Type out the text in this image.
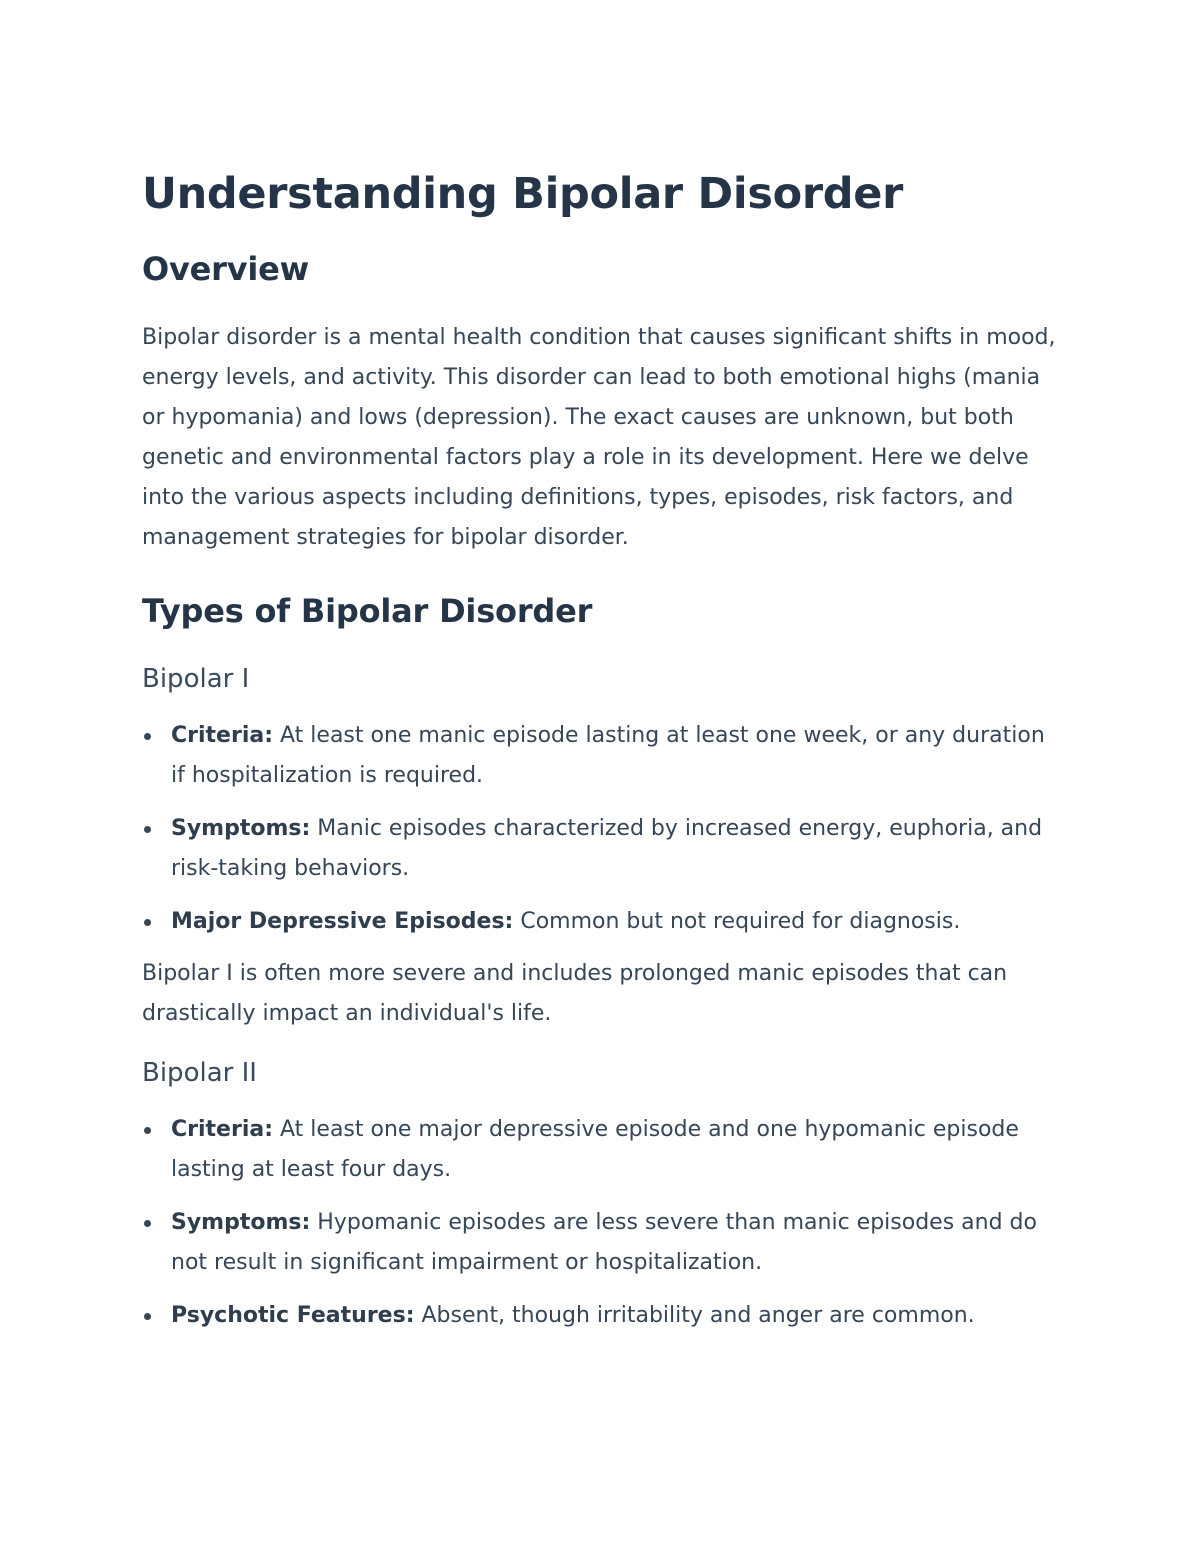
Understanding Bipolar Disorder
Overview

Bipolar disorder is a mental health condition that causes significant shifts in mood, energy levels, and activity. This disorder can lead to both emotional highs (mania or hypomania) and lows (depression). The exact causes are unknown, but both genetic and environmental factors play a role in its development. Here we delve into the various aspects including definitions, types, episodes, risk factors, and management strategies for bipolar disorder.

Types of Bipolar Disorder
Bipolar I
Criteria: At least one manic episode lasting at least one week, or any duration if hospitalization is required.
Symptoms: Manic episodes characterized by increased energy, euphoria, and risk-taking behaviors.
Major Depressive Episodes: Common but not required for diagnosis.

Bipolar I is often more severe and includes prolonged manic episodes that can drastically impact an individual's life.

Bipolar II
Criteria: At least one major depressive episode and one hypomanic episode lasting at least four days.
Symptoms: Hypomanic episodes are less severe than manic episodes and do not result in significant impairment or hospitalization.
Psychotic Features: Absent, though irritability and anger are common.
